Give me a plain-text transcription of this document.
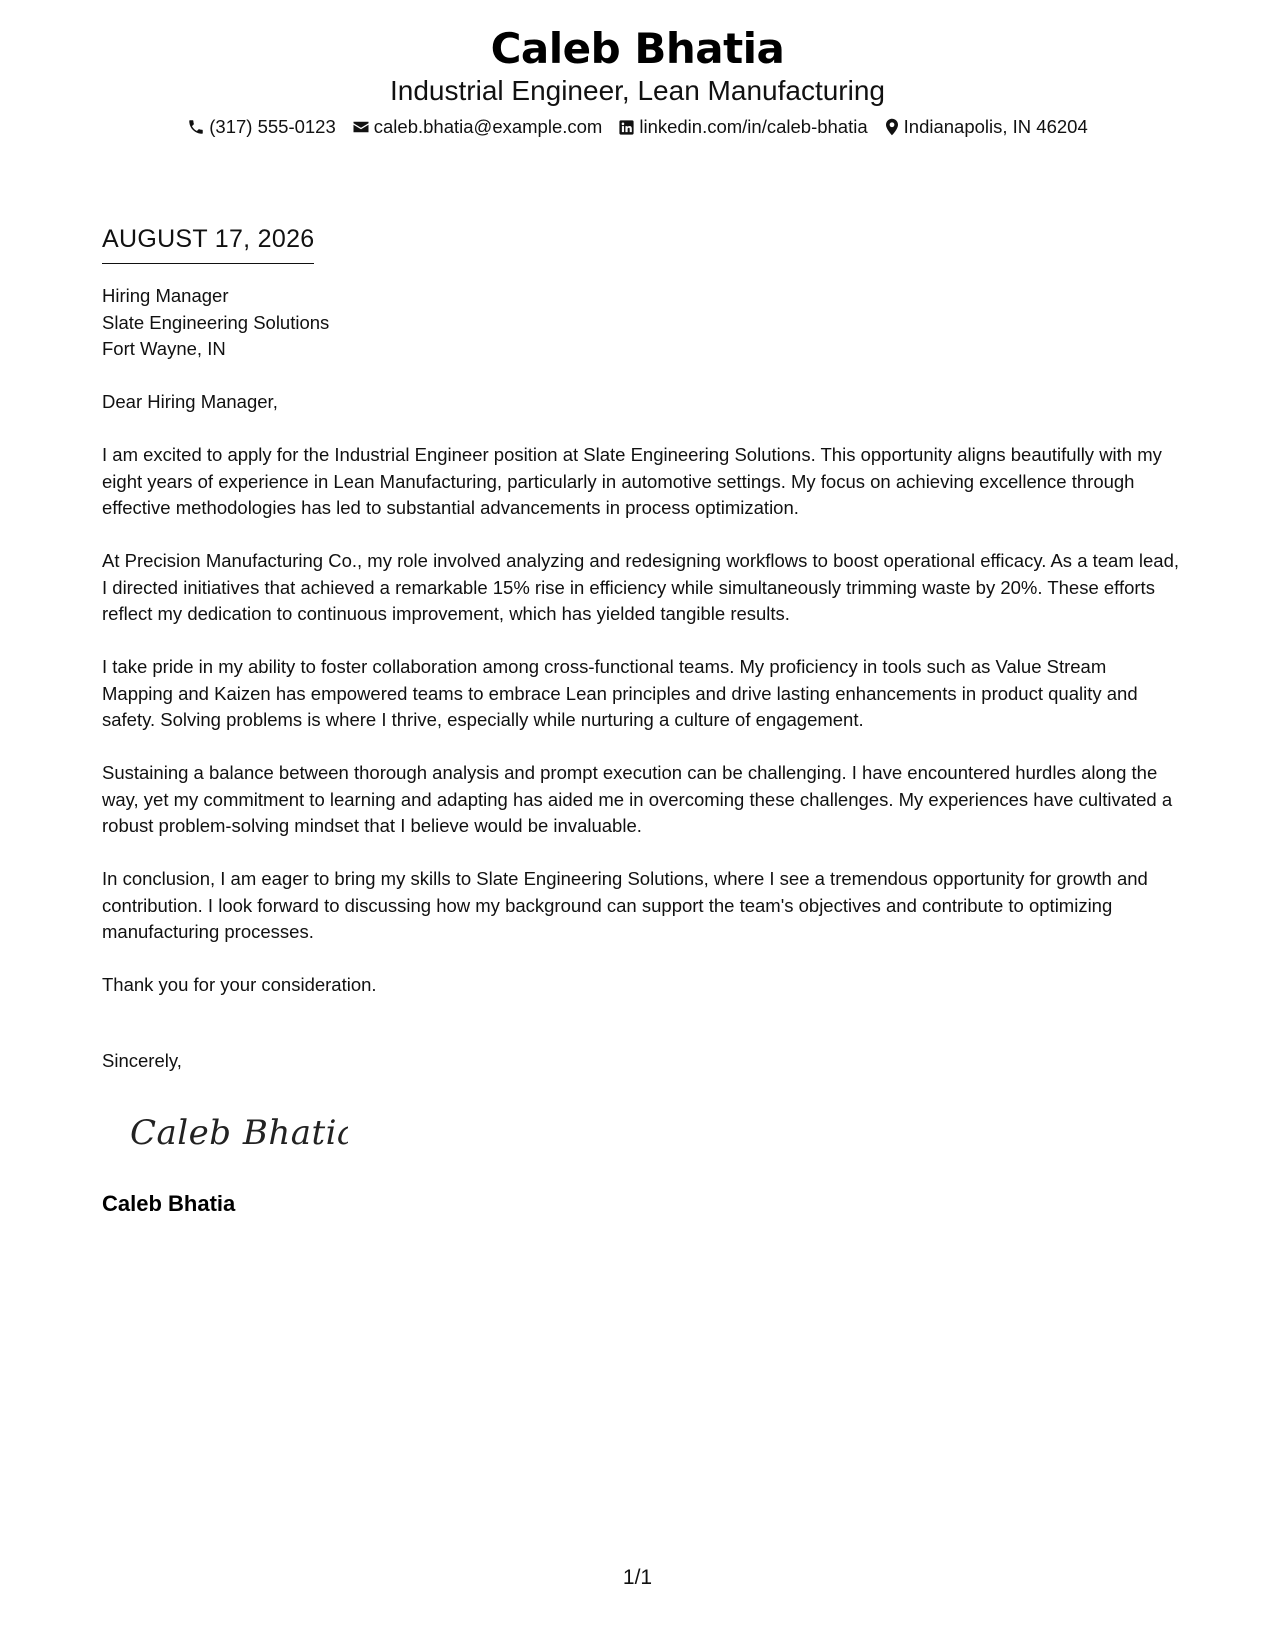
Caleb Bhatia
Industrial Engineer, Lean Manufacturing
(317) 555-0123 caleb.bhatia@example.com linkedin.com/in/caleb-bhatia Indianapolis, IN 46204
AUGUST 17, 2026
Hiring Manager
Slate Engineering Solutions
Fort Wayne, IN

Dear Hiring Manager,

I am excited to apply for the Industrial Engineer position at Slate Engineering Solutions. This opportunity aligns beautifully with my eight years of experience in Lean Manufacturing, particularly in automotive settings. My focus on achieving excellence through effective methodologies has led to substantial advancements in process optimization.

At Precision Manufacturing Co., my role involved analyzing and redesigning workflows to boost operational efficacy. As a team lead, I directed initiatives that achieved a remarkable 15% rise in efficiency while simultaneously trimming waste by 20%. These efforts reflect my dedication to continuous improvement, which has yielded tangible results.

I take pride in my ability to foster collaboration among cross-functional teams. My proficiency in tools such as Value Stream Mapping and Kaizen has empowered teams to embrace Lean principles and drive lasting enhancements in product quality and safety. Solving problems is where I thrive, especially while nurturing a culture of engagement.

Sustaining a balance between thorough analysis and prompt execution can be challenging. I have encountered hurdles along the way, yet my commitment to learning and adapting has aided me in overcoming these challenges. My experiences have cultivated a robust problem-solving mindset that I believe would be invaluable.

In conclusion, I am eager to bring my skills to Slate Engineering Solutions, where I see a tremendous opportunity for growth and contribution. I look forward to discussing how my background can support the team's objectives and contribute to optimizing manufacturing processes.

Thank you for your consideration.

Sincerely,
Caleb Bhatia
Caleb Bhatia
1/1
